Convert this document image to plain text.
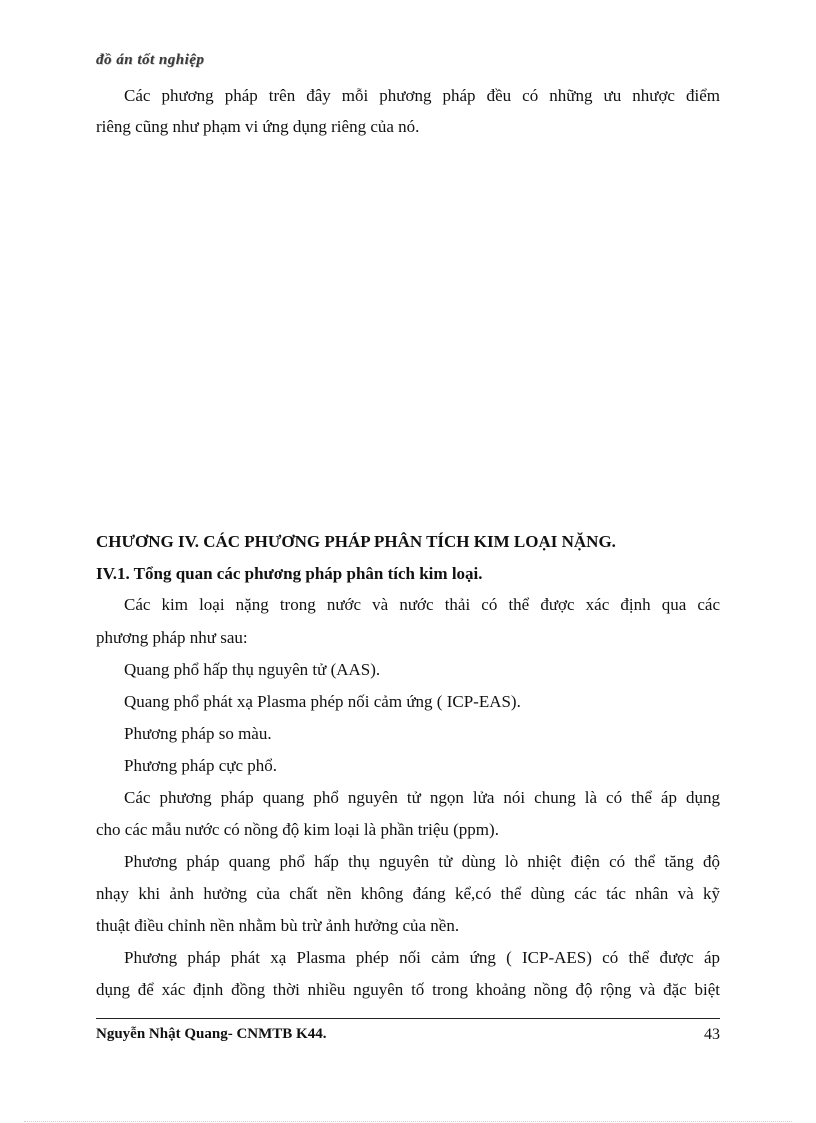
đồ án tốt nghiệp
Các phương pháp trên đây mỗi phương pháp đều có những ưu nhược điểm
riêng cũng như phạm vi ứng dụng riêng của nó.
CHƯƠNG IV. CÁC PHƯƠNG PHÁP PHÂN TÍCH KIM LOẠI NẶNG.
IV.1. Tổng quan các phương pháp phân tích kim loại.
Các kim loại nặng trong nước và nước thải có thể được xác định qua các
phương pháp như sau:
Quang phổ hấp thụ nguyên tử (AAS).
Quang phổ phát xạ Plasma phép nối cảm ứng ( ICP-EAS).
Phương pháp so màu.
Phương pháp cực phổ.
Các phương pháp quang phổ nguyên tử ngọn lửa nói chung là có thể áp dụng
cho các mẫu nước có nồng độ kim loại là phần triệu (ppm).
Phương pháp quang phổ hấp thụ nguyên tử dùng lò nhiệt điện có thể tăng độ
nhạy khi ảnh hưởng của chất nền không đáng kể,có thể dùng các tác nhân và kỹ
thuật điều chỉnh nền nhằm bù trừ ảnh hưởng của nền.
Phương pháp phát xạ Plasma phép nối cảm ứng ( ICP-AES) có thể được áp
dụng để xác định đồng thời nhiều nguyên tố trong khoảng nồng độ rộng và đặc biệt
Nguyễn Nhật Quang- CNMTB K44.	43
